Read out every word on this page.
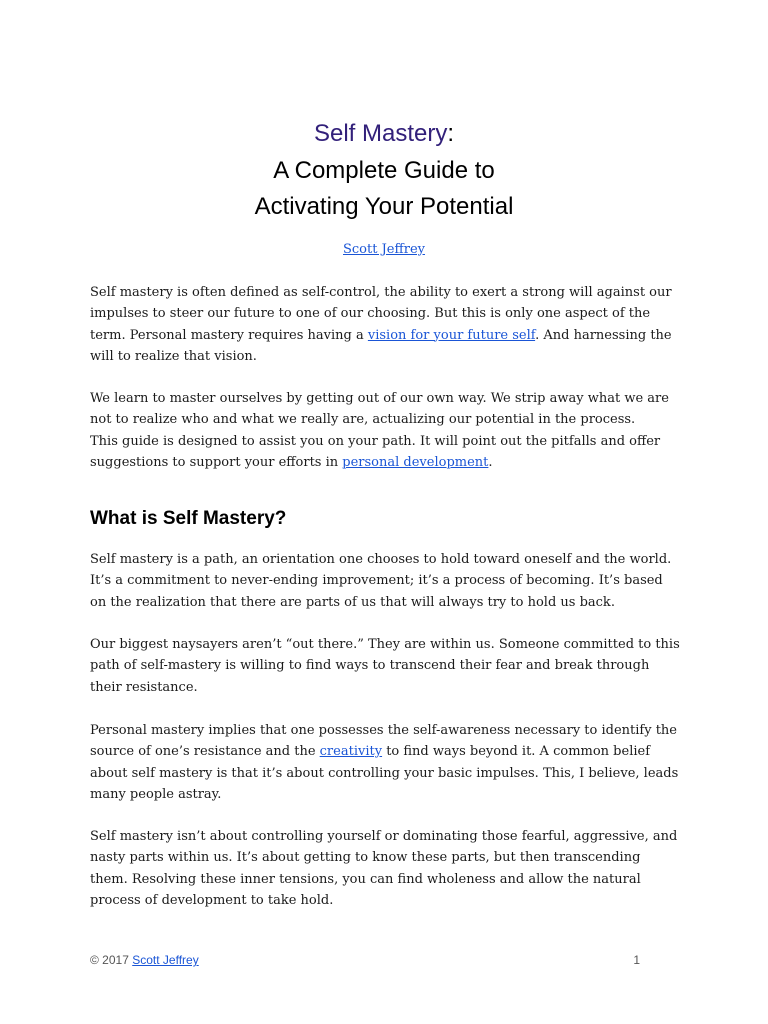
Self Mastery:
A Complete Guide to
Activating Your Potential
Scott Jeffrey

Self mastery is often defined as self-control, the ability to exert a strong will against our impulses to steer our future to one of our choosing. But this is only one aspect of the term. Personal mastery requires having a vision for your future self. And harnessing the will to realize that vision.

We learn to master ourselves by getting out of our own way. We strip away what we are not to realize who and what we really are, actualizing our potential in the process.
This guide is designed to assist you on your path. It will point out the pitfalls and offer suggestions to support your efforts in personal development.

What is Self Mastery?

Self mastery is a path, an orientation one chooses to hold toward oneself and the world. It’s a commitment to never-ending improvement; it’s a process of becoming. It’s based on the realization that there are parts of us that will always try to hold us back.

Our biggest naysayers aren’t “out there.” They are within us. Someone committed to this path of self-mastery is willing to find ways to transcend their fear and break through their resistance.

Personal mastery implies that one possesses the self-awareness necessary to identify the source of one’s resistance and the creativity to find ways beyond it. A common belief about self mastery is that it’s about controlling your basic impulses. This, I believe, leads many people astray.

Self mastery isn’t about controlling yourself or dominating those fearful, aggressive, and nasty parts within us. It’s about getting to know these parts, but then transcending them. Resolving these inner tensions, you can find wholeness and allow the natural process of development to take hold.

© 2017 Scott Jeffrey	1
